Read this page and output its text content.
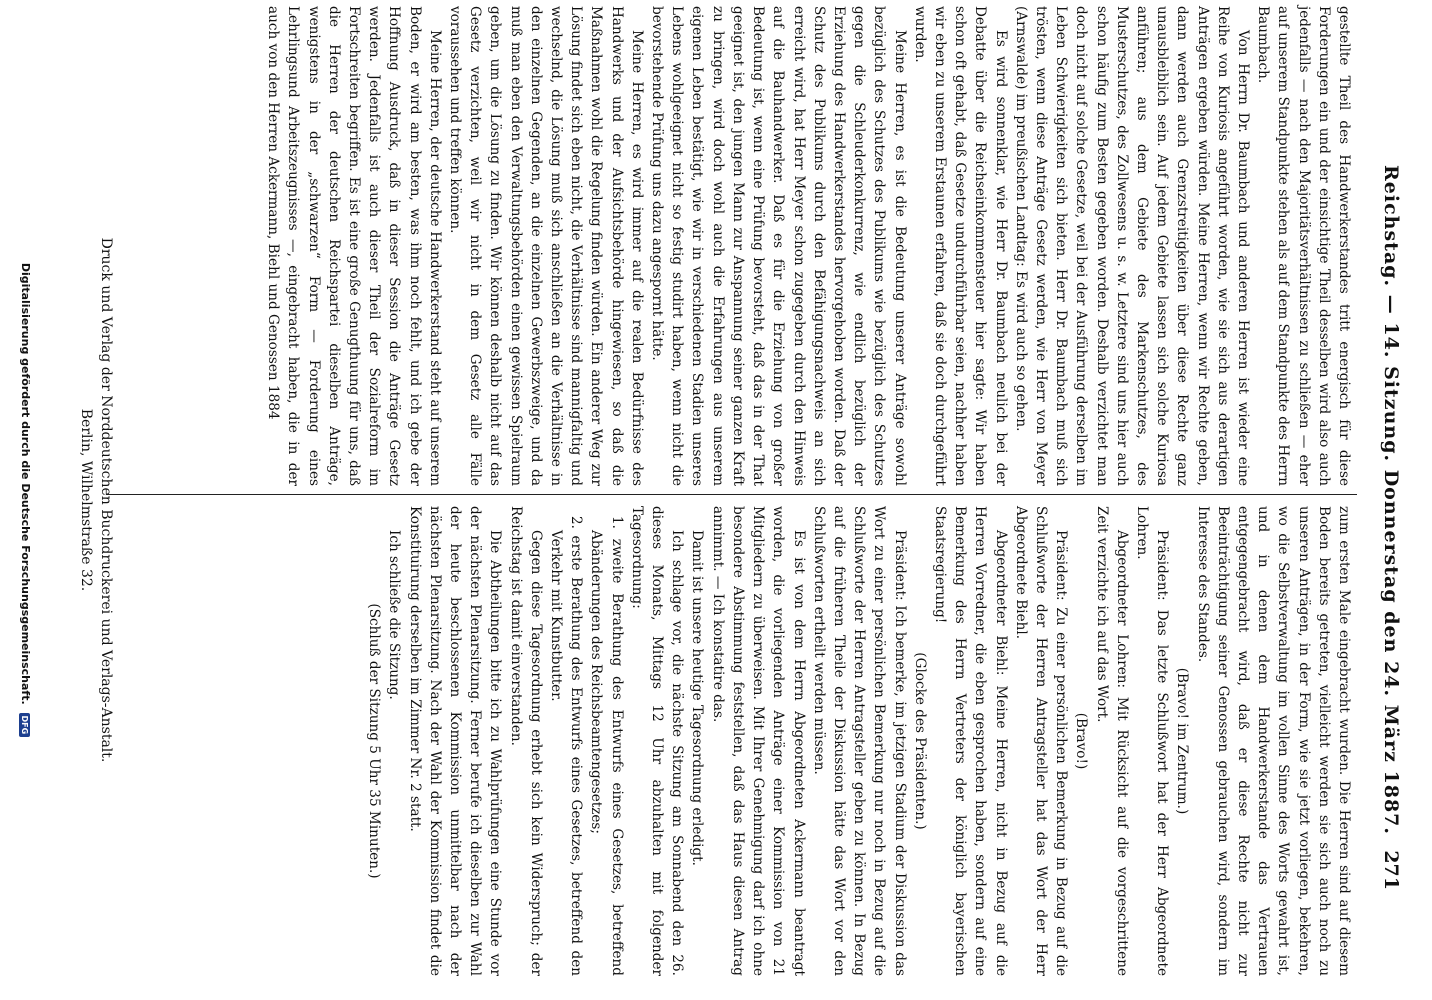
Reichstag. — 14. Sitzung. Donnerstag den 24. März 1887.
271

gestellte Theil des Handwerkerstandes tritt energisch für diese Forderungen ein und der einsichtige Theil desselben wird also auch jedenfalls — nach den Majoritätsverhältnissen zu schließen — eher auf unserem Standpunkte stehen als auf dem Standpunkte des Herrn Baumbach.

Von Herrn Dr. Baumbach und anderen Herren ist wieder eine Reihe von Kuriosis angeführt worden, wie sie sich aus derartigen Anträgen ergeben würden. Meine Herren, wenn wir Rechte geben, dann werden auch Grenzstreitigkeiten über diese Rechte ganz unausbleiblich sein. Auf jedem Gebiete lassen sich solche Kuriosa anführen; aus dem Gebiete des Markenschutzes, des Musterschutzes, des Zollwesens u. s. w. Letztere sind uns hier auch schon häufig zum Besten gegeben worden. Deshalb verzichtet man doch nicht auf solche Gesetze, weil bei der Ausführung derselben im Leben Schwierigkeiten sich bieten. Herr Dr. Baumbach muß sich trösten, wenn diese Anträge Gesetz werden, wie Herr von Meyer (Arnswalde) im preußischen Landtag: Es wird auch so gehen.

Es wird sonnenklar, wie Herr Dr. Baumbach neulich bei der Debatte über die Reichseinkommensteuer hier sagte: Wir haben schon oft gehabt, daß Gesetze undurchführbar seien, nachher haben wir eben zu unserem Erstaunen erfahren, daß sie doch durchgeführt wurden.

Meine Herren, es ist die Bedeutung unserer Anträge sowohl bezüglich des Schutzes des Publikums wie bezüglich des Schutzes gegen die Schleuderkonkurrenz, wie endlich bezüglich der Erziehung des Handwerkerstandes hervorgehoben worden. Daß der Schutz des Publikums durch den Befähigungsnachweis an sich erreicht wird, hat Herr Meyer schon zugegeben durch den Hinweis auf die Bauhandwerker. Daß es für die Erziehung von großer Bedeutung ist, wenn eine Prüfung bevorsteht, daß das in der That geeignet ist, den jungen Mann zur Anspannung seiner ganzen Kraft zu bringen, wird doch wohl auch die Erfahrungen aus unserem eigenen Leben bestätigt, wie wir in verschiedenen Stadien unseres Lebens wohlgeeignet nicht so festig studirt haben, wenn nicht die bevorstehende Prüfung uns dazu angespornt hätte.

Meine Herren, es wird immer auf die realen Bedürfnisse des Handwerks und der Aufsichtsbehörde hingewiesen, so daß die Maßnahmen wohl die Regelung finden würden. Ein anderer Weg zur Lösung findet sich eben nicht, die Verhältnisse sind mannigfaltig und wechselnd, die Lösung muß sich anschließen an die Verhältnisse in den einzelnen Gegenden, an die einzelnen Gewerbszweige, und da muß man eben den Verwaltungsbehörden einen gewissen Spielraum geben, um die Lösung zu finden. Wir können deshalb nicht auf das Gesetz verzichten, weil wir nicht in dem Gesetz alle Fälle voraussehen und treffen können.

Meine Herren, der deutsche Handwerkerstand steht auf unserem Boden, er wird am besten, was ihm noch fehlt, und ich gebe der Hoffnung Ausdruck, daß in dieser Session die Anträge Gesetz werden. Jedenfalls ist auch dieser Theil der Sozialreform im Fortschreiten begriffen. Es ist eine große Genugthuung für uns, daß die Herren der deutschen Reichspartei dieselben Anträge, wenigstens in der „schwarzen“ Form — Forderung eines Lehrlingsund Arbeitszeugnisses —, eingebracht haben, die in der auch von den Herren Ackermann, Biehl und Genossen 1884

zum ersten Male eingebracht wurden. Die Herren sind auf diesem Boden bereits getreten, vielleicht werden sie sich auch noch zu unseren Anträgen, in der Form, wie sie jetzt vorliegen, bekehren, wo die Selbstverwaltung im vollen Sinne des Worts gewahrt ist, und in denen dem Handwerkerstande das Vertrauen entgegengebracht wird, daß er diese Rechte nicht zur Beeinträchtigung seiner Genossen gebrauchen wird, sondern im Interesse des Standes.

(Bravo! im Zentrum.)

Präsident: Das letzte Schlußwort hat der Herr Abgeordnete Lohren.

Abgeordneter Lohren: Mit Rücksicht auf die vorgeschrittene Zeit verzichte ich auf das Wort.

(Bravo!)

Präsident: Zu einer persönlichen Bemerkung in Bezug auf die Schlußworte der Herren Antragsteller hat das Wort der Herr Abgeordnete Biehl.

Abgeordneter Biehl: Meine Herren, nicht in Bezug auf die Herren Vorredner, die eben gesprochen haben, sondern auf eine Bemerkung des Herrn Vertreters der königlich bayerischen Staatsregierung!

(Glocke des Präsidenten.)

Präsident: Ich bemerke, im jetzigen Stadium der Diskussion das Wort zu einer persönlichen Bemerkung nur noch in Bezug auf die Schlußworte der Herren Antragsteller geben zu können. In Bezug auf die früheren Theile der Diskussion hätte das Wort vor den Schlußworten ertheilt werden müssen.

Es ist von dem Herrn Abgeordneten Ackermann beantragt worden, die vorliegenden Anträge einer Kommission von 21 Mitgliedern zu überweisen. Mit Ihrer Genehmigung darf ich ohne besondere Abstimmung feststellen, daß das Haus diesen Antrag annimmt. — Ich konstatire das.

Damit ist unsere heutige Tagesordnung erledigt.

Ich schlage vor, die nächste Sitzung am Sonnabend den 26. dieses Monats, Mittags 12 Uhr abzuhalten mit folgender Tagesordnung:

1. zweite Berathung des Entwurfs eines Gesetzes, betreffend Abänderungen des Reichsbeamtengesetzes;

2. erste Berathung des Entwurfs eines Gesetzes, betreffend den Verkehr mit Kunstbutter.

Gegen diese Tagesordnung erhebt sich kein Widerspruch; der Reichstag ist damit einverstanden.

Die Abtheilungen bitte ich zu Wahlprüfungen eine Stunde vor der nächsten Plenarsitzung. Ferner berufe ich dieselben zur Wahl der heute beschlossenen Kommission unmittelbar nach der nächsten Plenarsitzung. Nach der Wahl der Kommission findet die Konstituirung derselben im Zimmer Nr. 2 statt.

Ich schließe die Sitzung.

(Schluß der Sitzung 5 Uhr 35 Minuten.)

Druck und Verlag der Norddeutschen Buchdruckerei und Verlags-Anstalt.
Berlin, Wilhelmstraße 32.
Digitalisierung gefördert durch die Deutsche Forschungsgemeinschaft. DFG
